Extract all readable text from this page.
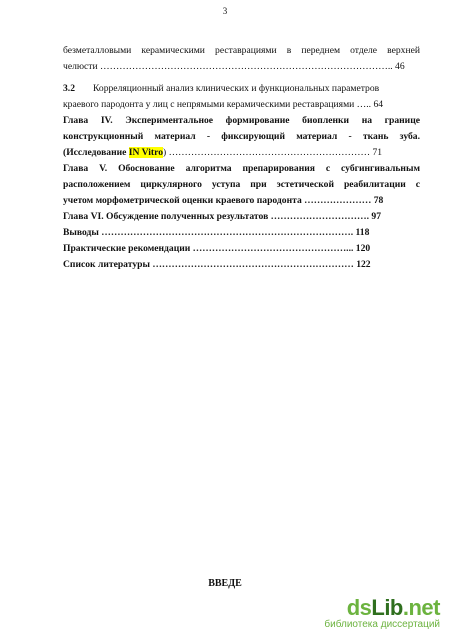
3
безметалловыми керамическими реставрациями в переднем отделе верхней
челюсти ……………………………………………………………………………….. 46
3.2 Корреляционный анализ клинических и функциональных параметров
краевого пародонта у лиц с непрямыми керамическими реставрациями ….. 64
Глава IV. Экспериментальное формирование биопленки на границе
конструкционный материал - фиксирующий материал - ткань зуба.
(Исследование IN Vitro) ……………………………………………………… 71
Глава V. Обоснование алгоритма препарирования с субгингивальным
расположением циркулярного уступа при эстетической реабилитации с
учетом морфометрической оценки краевого пародонта ………………… 78
Глава VI. Обсуждение полученных результатов …………………………. 97
Выводы ……………………………………………………………………. 118
Практические рекомендации …………………………………………... 120
Список литературы ……………………………………………………… 122
ВВЕДЕ
dsLib.net
библиотека диссертаций
